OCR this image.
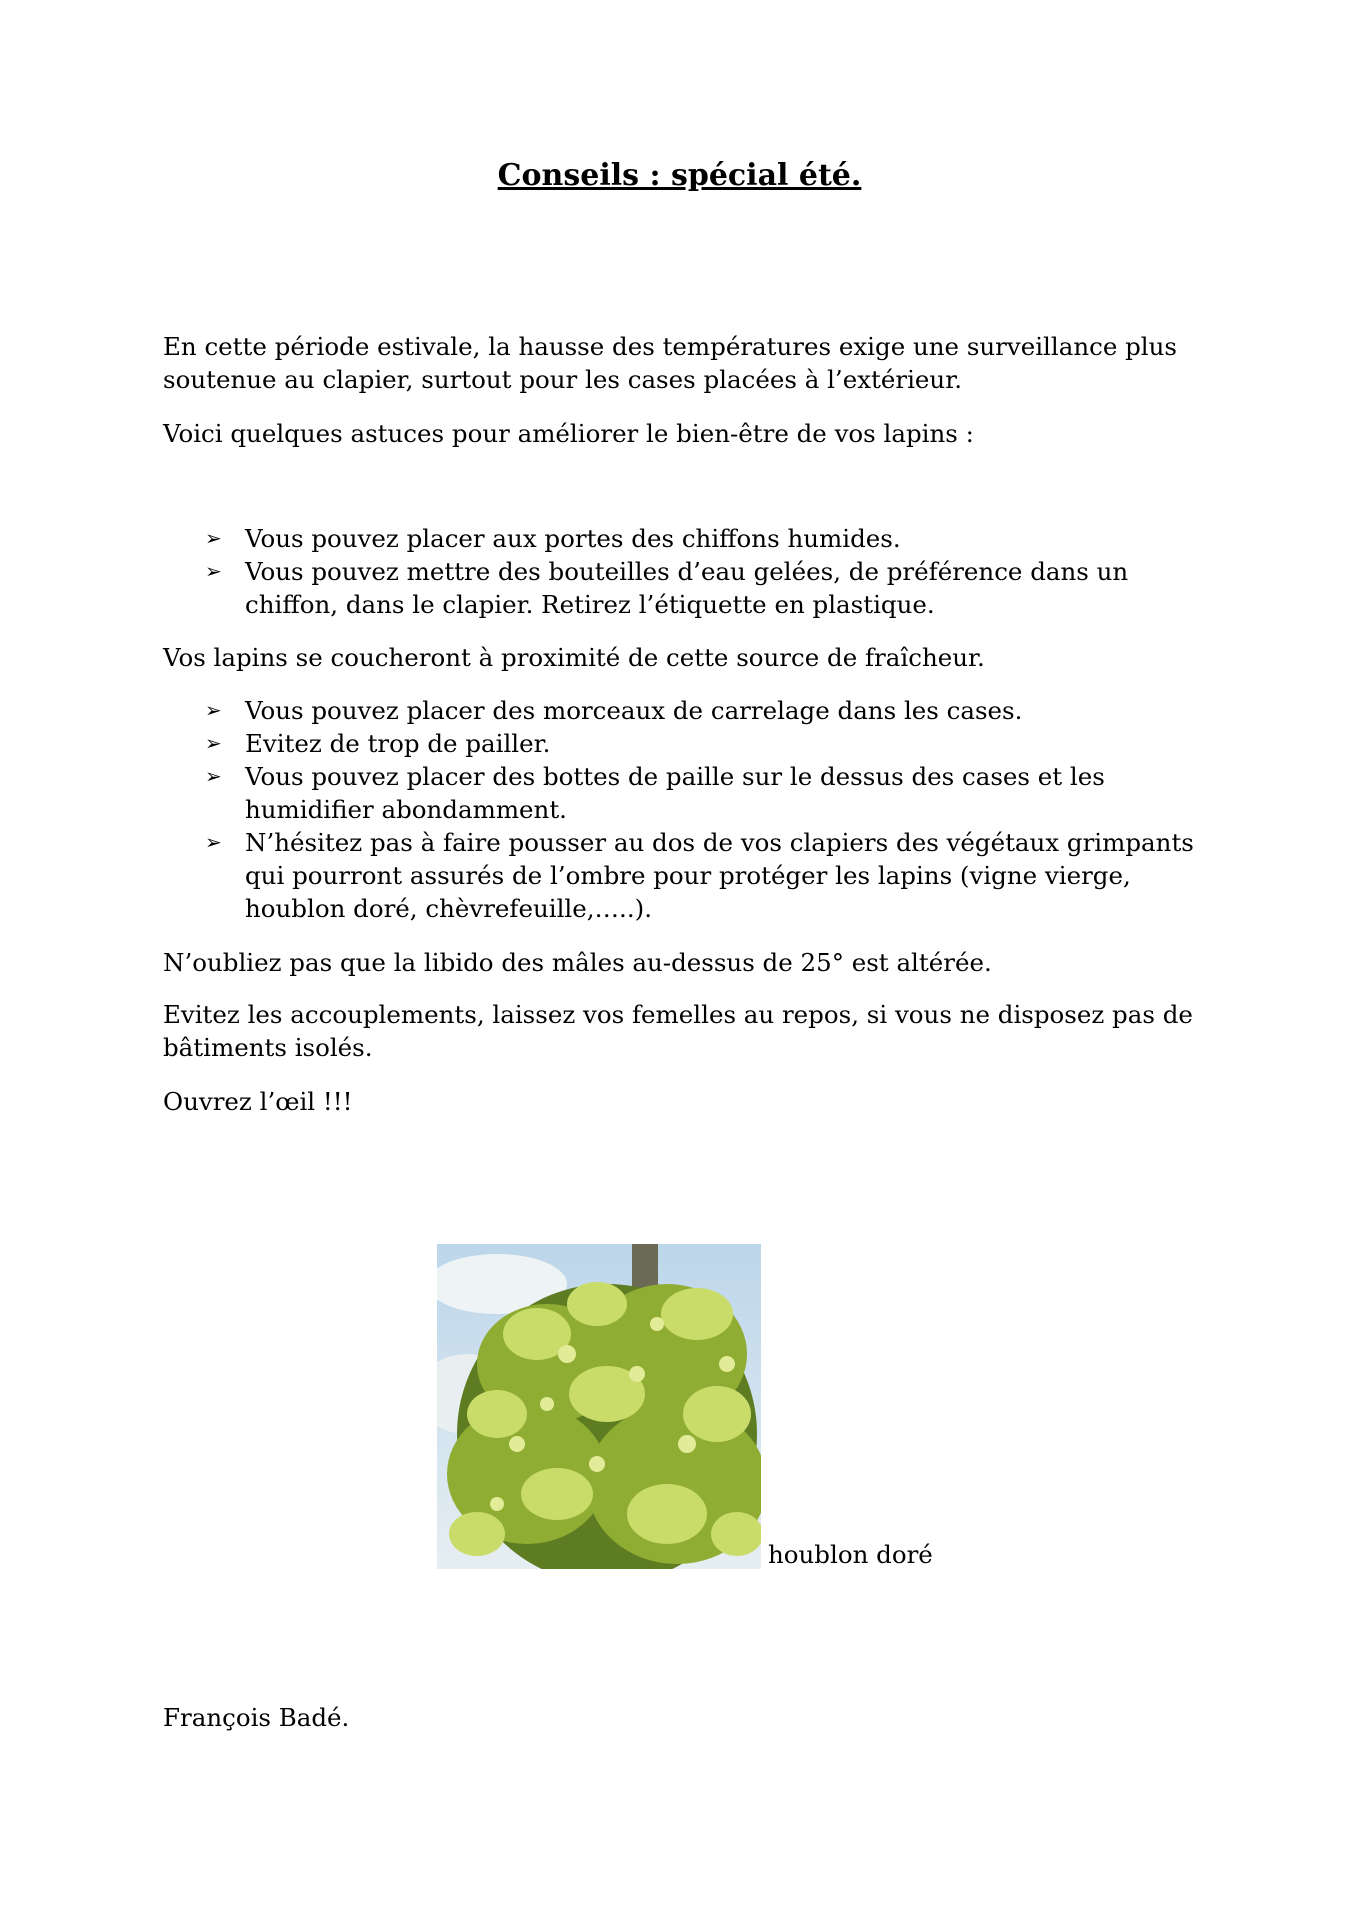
Conseils : spécial été.

En cette période estivale, la hausse des températures exige une surveillance plus soutenue au clapier, surtout pour les cases placées à l’extérieur.

Voici quelques astuces pour améliorer le bien-être de vos lapins :

➢ Vous pouvez placer aux portes des chiffons humides.
➢ Vous pouvez mettre des bouteilles d’eau gelées, de préférence dans un chiffon, dans le clapier. Retirez l’étiquette en plastique.

Vos lapins se coucheront à proximité de cette source de fraîcheur.

➢ Vous pouvez placer des morceaux de carrelage dans les cases.
➢ Evitez de trop de pailler.
➢ Vous pouvez placer des bottes de paille sur le dessus des cases et les humidifier abondamment.
➢ N’hésitez pas à faire pousser au dos de vos clapiers des végétaux grimpants qui pourront assurés de l’ombre pour protéger les lapins (vigne vierge, houblon doré, chèvrefeuille,…..).

N’oubliez pas que la libido des mâles au-dessus de 25° est altérée.

Evitez les accouplements, laissez vos femelles au repos, si vous ne disposez pas de bâtiments isolés.

Ouvrez l’œil !!!

houblon doré
François Badé.
